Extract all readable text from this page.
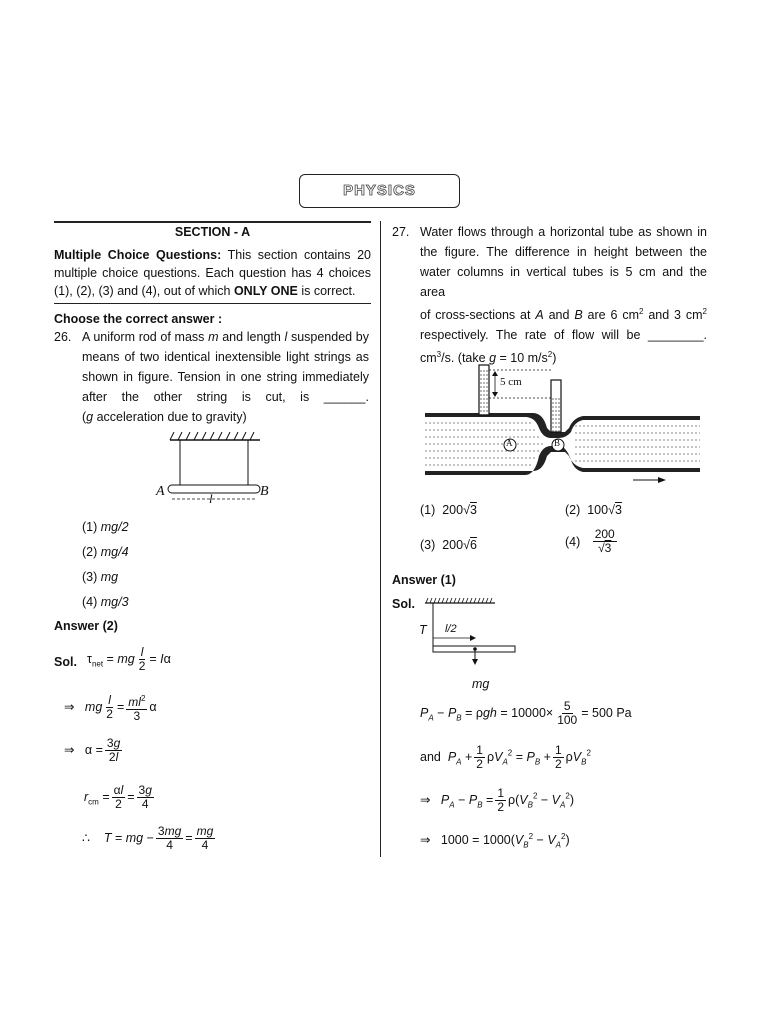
PHYSICS
SECTION - A
Multiple Choice Questions: This section contains 20
multiple choice questions. Each question has 4 choices
(1), (2), (3) and (4), out of which ONLY ONE is correct.
Choose the correct answer :
26. A uniform rod of mass m and length l suspended by
means of two identical inextensible light strings as
shown in figure. Tension in one string immediately
after the other string is cut, is ______.
(g acceleration due to gravity)
A	B
l
(1) mg/2
(2) mg/4
(3) mg
(4) mg/3
Answer (2)
Sol. $\tau_{net}$ = mg $\frac{l}{2} = I\alpha$
⇒   mg $\frac{l}{2} = \frac{ml^2}{3}$ α
⇒   $\alpha = \frac{3g}{2l}$
$r_{cm} = \frac{\alpha l}{2} = \frac{3g}{4}$
∴    T = mg − $\frac{3mg}{4} = \frac{mg}{4}$
27. Water flows through a horizontal tube as shown in
the figure. The difference in height between the
water columns in vertical tubes is 5 cm and the area
of cross-sections at A and B are 6 $cm^2$ and 3 $cm^2$
respectively. The rate of flow will be ________.
$cm^3/s$. (take g = 10 $m/s^2$)
5 cm
A	B
(1) 200√3	(2) 100√3
(3) 200√6	(4)
$\frac{200}{√3}$
Answer (1)
Sol.
T l/2
mg
$P_A - P_B = \rho gh = 10000\times \frac{5}{100} = 500$ Pa
and  $P_A + \frac{1}{2} \rho V_A^2 = P_B + \frac{1}{2} \rho V_B^2$
⇒   $P_A - P_B = \frac{1}{2} \rho(V_B^2 - V_A^2)$
⇒   $1000 = 1000(V_B^2 - V_A^2)$
